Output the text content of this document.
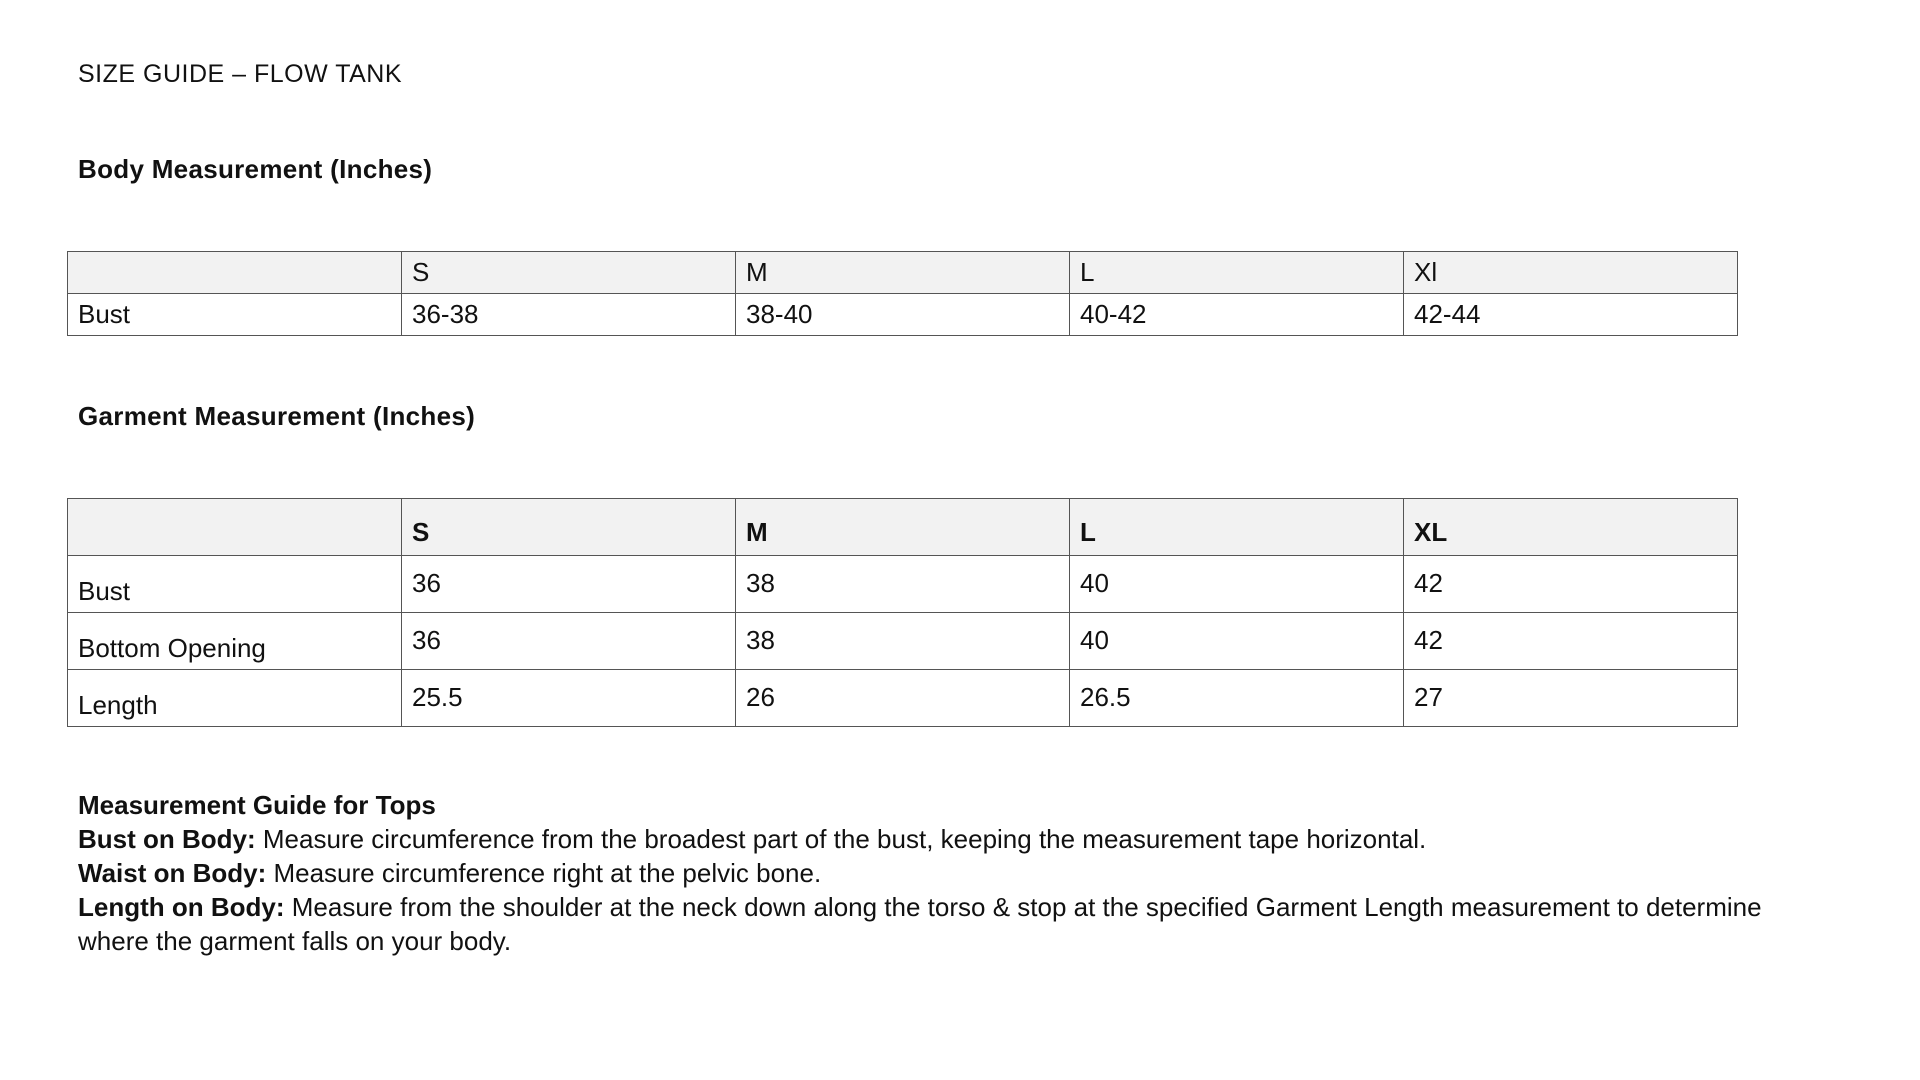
SIZE GUIDE – FLOW TANK
Body Measurement (Inches)
	S	M	L	Xl
Bust	36-38	38-40	40-42	42-44
Garment Measurement (Inches)
	S	M	L	XL
Bust	36	38	40	42
Bottom Opening	36	38	40	42
Length	25.5	26	26.5	27
Measurement Guide for Tops
Bust on Body: Measure circumference from the broadest part of the bust, keeping the measurement tape horizontal.
Waist on Body: Measure circumference right at the pelvic bone.
Length on Body: Measure from the shoulder at the neck down along the torso & stop at the specified Garment Length measurement to determine where the garment falls on your body.
